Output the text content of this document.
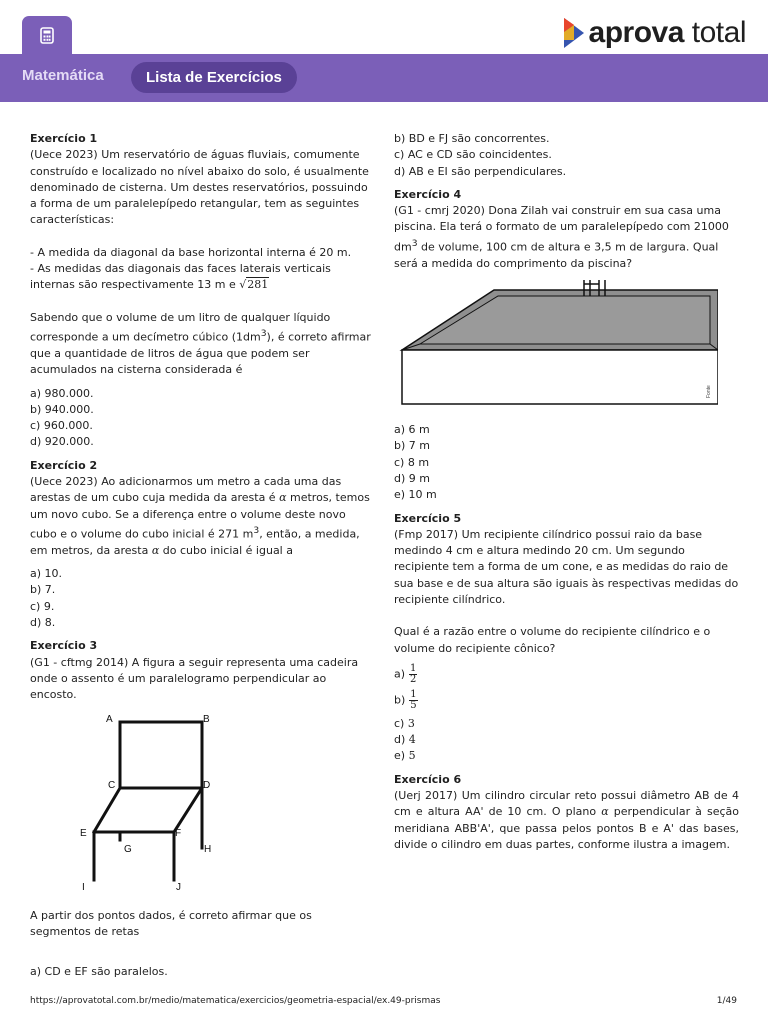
aprova total
Matemática	Lista de Exercícios

Exercício 1

(Uece 2023) Um reservatório de águas fluviais, comumente construído e localizado no nível abaixo do solo, é usualmente denominado de cisterna. Um destes reservatórios, possuindo a forma de um paralelepípedo retangular, tem as seguintes características:

- A medida da diagonal da base horizontal interna é 20 m.

- As medidas das diagonais das faces laterais verticais internas são respectivamente 13 m e √281

Sabendo que o volume de um litro de qualquer líquido corresponde a um decímetro cúbico $(1dm^3)$, é correto afirmar que a quantidade de litros de água que podem ser acumulados na cisterna considerada é

a) 980.000.

b) 940.000.

c) 960.000.

d) 920.000.

Exercício 2

(Uece 2023) Ao adicionarmos um metro a cada uma das arestas de um cubo cuja medida da aresta é α metros, temos um novo cubo. Se a diferença entre o volume deste novo cubo e o volume do cubo inicial é 271 $m^3$, então, a medida, em metros, da aresta α do cubo inicial é igual a

a) 10.

b) 7.

c) 9.

d) 8.

Exercício 3

(G1 - cftmg 2014) A figura a seguir representa uma cadeira onde o assento é um paralelogramo perpendicular ao encosto.

A	B
C	D
E	F
G	H
I	J

A partir dos pontos dados, é correto afirmar que os segmentos de retas

a) CD e EF são paralelos.

b) BD e FJ são concorrentes.

c) AC e CD são coincidentes.

d) AB e EI são perpendiculares.

Exercício 4

(G1 - cmrj 2020) Dona Zilah vai construir em sua casa uma piscina. Ela terá o formato de um paralelepípedo com 21000 $dm^3$ de volume, 100 cm de altura e 3,5 m de largura. Qual será a medida do comprimento da piscina?

Fonte

a) 6 m

b) 7 m

c) 8 m

d) 9 m

e) 10 m

Exercício 5

(Fmp 2017) Um recipiente cilíndrico possui raio da base medindo 4 cm e altura medindo 20 cm. Um segundo recipiente tem a forma de um cone, e as medidas do raio de sua base e de sua altura são iguais às respectivas medidas do recipiente cilíndrico.

Qual é a razão entre o volume do recipiente cilíndrico e o volume do recipiente cônico?

$a) \frac{1}{2}$

$b) \frac{1}{5}$

c) 3

d) 4

e) 5

Exercício 6

(Uerj 2017) Um cilindro circular reto possui diâmetro AB de 4 cm e altura AA' de 10 cm. O plano α perpendicular à seção meridiana ABB'A', que passa pelos pontos B e A' das bases, divide o cilindro em duas partes, conforme ilustra a imagem.

https://aprovatotal.com.br/medio/matematica/exercicios/geometria-espacial/ex.49-prismas	1/49
